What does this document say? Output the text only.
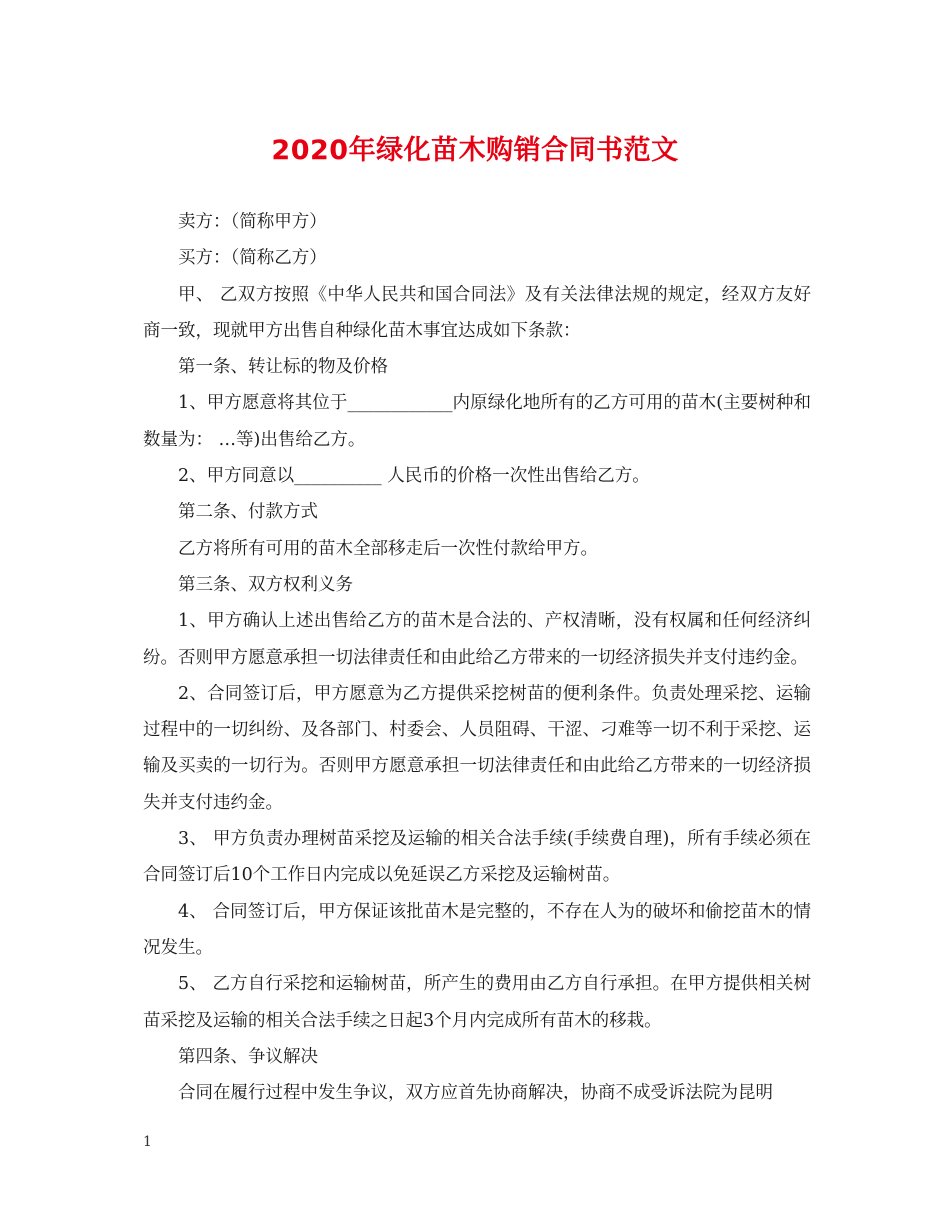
2020年绿化苗木购销合同书范文

卖方：（简称甲方）

买方：（简称乙方）

甲、 乙双方按照《中华人民共和国合同法》及有关法律法规的规定，经双方友好商一致，现就甲方出售自种绿化苗木事宜达成如下条款：

第一条、转让标的物及价格

1、甲方愿意将其位于____________内原绿化地所有的乙方可用的苗木(主要树种和数量为： …等)出售给乙方。

2、甲方同意以__________ 人民币的价格一次性出售给乙方。

第二条、付款方式

乙方将所有可用的苗木全部移走后一次性付款给甲方。

第三条、双方权利义务

1、甲方确认上述出售给乙方的苗木是合法的、产权清晰，没有权属和任何经济纠纷。否则甲方愿意承担一切法律责任和由此给乙方带来的一切经济损失并支付违约金。

2、合同签订后，甲方愿意为乙方提供采挖树苗的便利条件。负责处理采挖、运输过程中的一切纠纷、及各部门、村委会、人员阻碍、干涩、刁难等一切不利于采挖、运输及买卖的一切行为。否则甲方愿意承担一切法律责任和由此给乙方带来的一切经济损失并支付违约金。

3、 甲方负责办理树苗采挖及运输的相关合法手续(手续费自理)，所有手续必须在合同签订后10个工作日内完成以免延误乙方采挖及运输树苗。

4、 合同签订后，甲方保证该批苗木是完整的，不存在人为的破坏和偷挖苗木的情况发生。

5、 乙方自行采挖和运输树苗，所产生的费用由乙方自行承担。在甲方提供相关树苗采挖及运输的相关合法手续之日起3个月内完成所有苗木的移栽。

第四条、争议解决

合同在履行过程中发生争议，双方应首先协商解决，协商不成受诉法院为昆明

1
